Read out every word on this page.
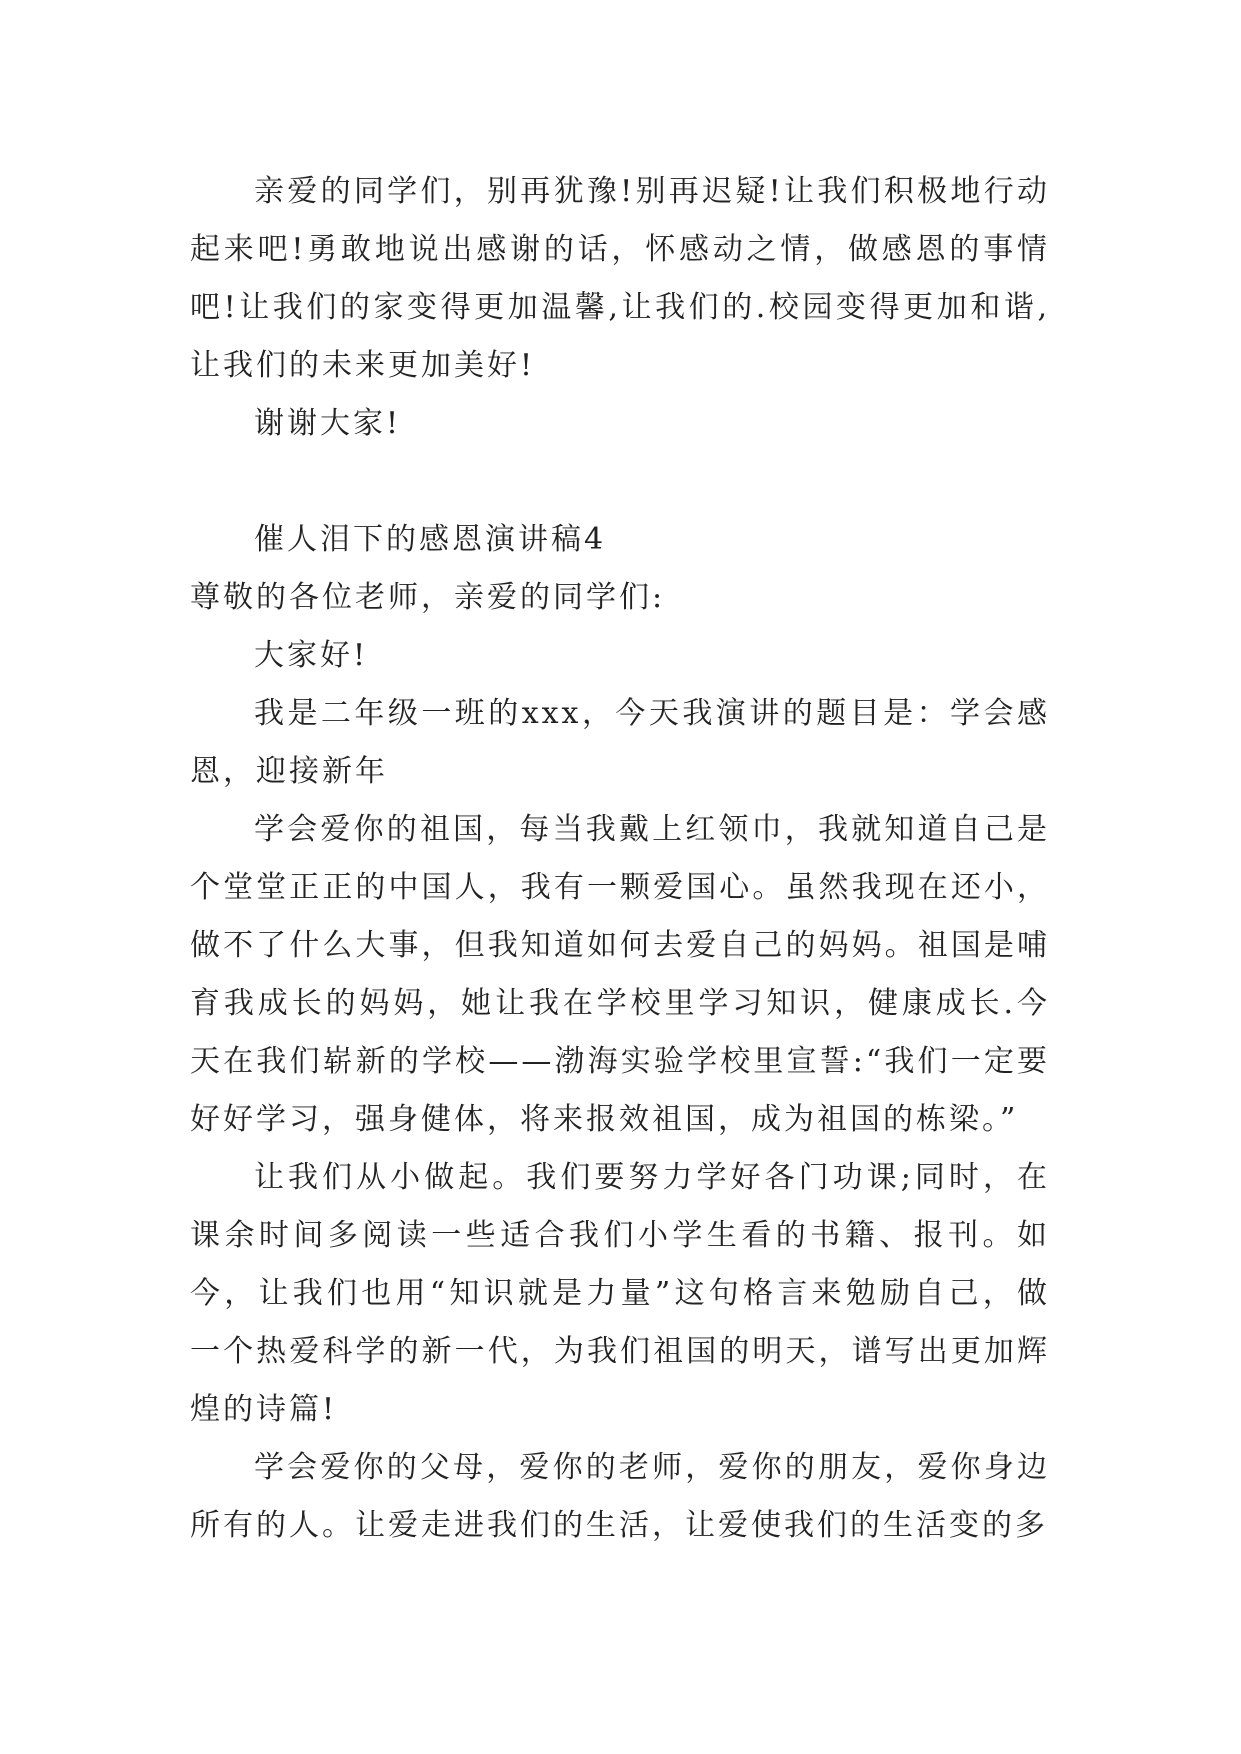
亲爱的同学们，别再犹豫!别再迟疑!让我们积极地行动起来吧!勇敢地说出感谢的话，怀感动之情，做感恩的事情吧!让我们的家变得更加温馨,让我们的.校园变得更加和谐,让我们的未来更加美好!

谢谢大家!

催人泪下的感恩演讲稿4

尊敬的各位老师，亲爱的同学们:

大家好!

我是二年级一班的xxx，今天我演讲的题目是：学会感恩，迎接新年

学会爱你的祖国，每当我戴上红领巾，我就知道自己是个堂堂正正的中国人，我有一颗爱国心。虽然我现在还小，做不了什么大事，但我知道如何去爱自己的妈妈。祖国是哺育我成长的妈妈，她让我在学校里学习知识，健康成长.今天在我们崭新的学校——渤海实验学校里宣誓:“我们一定要好好学习，强身健体，将来报效祖国，成为祖国的栋梁。”

让我们从小做起。我们要努力学好各门功课;同时，在课余时间多阅读一些适合我们小学生看的书籍、报刊。如今，让我们也用“知识就是力量”这句格言来勉励自己，做一个热爱科学的新一代，为我们祖国的明天，谱写出更加辉煌的诗篇!

学会爱你的父母，爱你的老师，爱你的朋友，爱你身边所有的人。让爱走进我们的生活，让爱使我们的生活变的多
